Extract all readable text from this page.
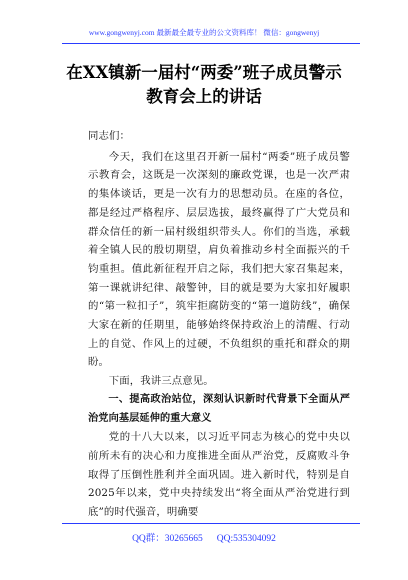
www.gongwenyj.com 最新最全最专业的公文资料库！ 微信：gongwenyj
在XX镇新一届村“两委”班子成员警示
教育会上的讲话

同志们：

今天，我们在这里召开新一届村“两委”班子成员警示教育会，这既是一次深刻的廉政党课，也是一次严肃的集体谈话，更是一次有力的思想动员。在座的各位，都是经过严格程序、层层选拔，最终赢得了广大党员和群众信任的新一届村级组织带头人。你们的当选，承载着全镇人民的殷切期望，肩负着推动乡村全面振兴的千钧重担。值此新征程开启之际，我们把大家召集起来，第一课就讲纪律、敲警钟，目的就是要为大家扣好履职的“第一粒扣子”，筑牢拒腐防变的“第一道防线”，确保大家在新的任期里，能够始终保持政治上的清醒、行动上的自觉、作风上的过硬，不负组织的重托和群众的期盼。

下面，我讲三点意见。

一、提高政治站位，深刻认识新时代背景下全面从严治党向基层延伸的重大意义

党的十八大以来，以习近平同志为核心的党中央以前所未有的决心和力度推进全面从严治党，反腐败斗争取得了压倒性胜利并全面巩固。进入新时代，特别是自2025年以来，党中央持续发出“将全面从严治党进行到底”的时代强音，明确要

QQ群：30265665 QQ:535304092
